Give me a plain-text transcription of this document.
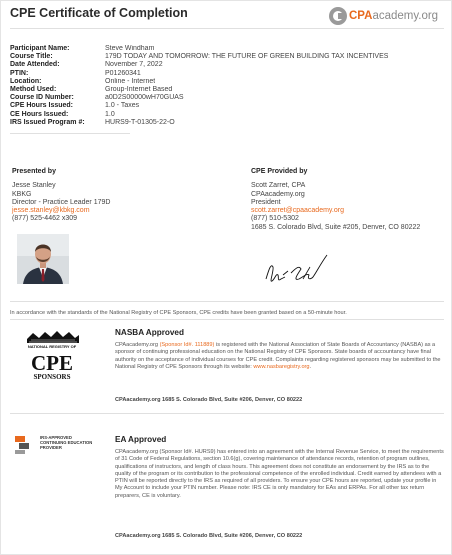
CPE Certificate of Completion	CPAacademy.org
Participant Name:	Steve Windham
Course Title:	179D TODAY AND TOMORROW: THE FUTURE OF GREEN BUILDING TAX INCENTIVES
Date Attended:	November 7, 2022
PTIN:	P01260341
Location:	Online - Internet
Method Used:	Group-Internet Based
Course ID Number:	a0D2S00000wH70GUAS
CPE Hours Issued:	1.0 - Taxes
CE Hours Issued:	1.0
IRS Issued Program #:	HURS9-T-01305-22-O
Presented by
Jesse Stanley
KBKG
Director - Practice Leader 179D
jesse.stanley@kbkg.com
(877) 525-4462 x309
CPE Provided by
Scott Zarret, CPA
CPAacademy.org
President
scott.zarret@cpaacademy.org
(877) 510-5302
1685 S. Colorado Blvd, Suite #205, Denver, CO 80222
In accordance with the standards of the National Registry of CPE Sponsors, CPE credits have been granted based on a 50-minute hour.
NATIONAL REGISTRY OF
CPE
SPONSORS
NASBA Approved
CPAacademy.org (Sponsor Id#. 111889) is registered with the National Association of State Boards of Accountancy (NASBA) as a sponsor of continuing professional education on the National Registry of CPE Sponsors. State boards of accountancy have final authority on the acceptance of individual courses for CPE credit. Complaints regarding registered sponsors may be submitted to the National Registry of CPE Sponsors through its website: www.nasbaregistry.org.
CPAacademy.org 1685 S. Colorado Blvd, Suite #206, Denver, CO 80222
IRS-APPROVED
CONTINUING EDUCATION
PROVIDER
EA Approved
CPAacademy.org (Sponsor Id#. HURS9) has entered into an agreement with the Internal Revenue Service, to meet the requirements of 31 Code of Federal Regulations, section 10.6(g), covering maintenance of attendance records, retention of program outlines, qualifications of instructors, and length of class hours. This agreement does not constitute an endorsement by the IRS as to the quality of the program or its contribution to the professional competence of the enrolled individual. Credit earned by attendees with a PTIN will be reported directly to the IRS as required of all providers. To ensure your CPE hours are reported, update your profile in My Account to include your PTIN number. Please note: IRS CE is only mandatory for EAs and ERPAs. For all other tax return preparers, CE is voluntary.
CPAacademy.org 1685 S. Colorado Blvd, Suite #206, Denver, CO 80222
